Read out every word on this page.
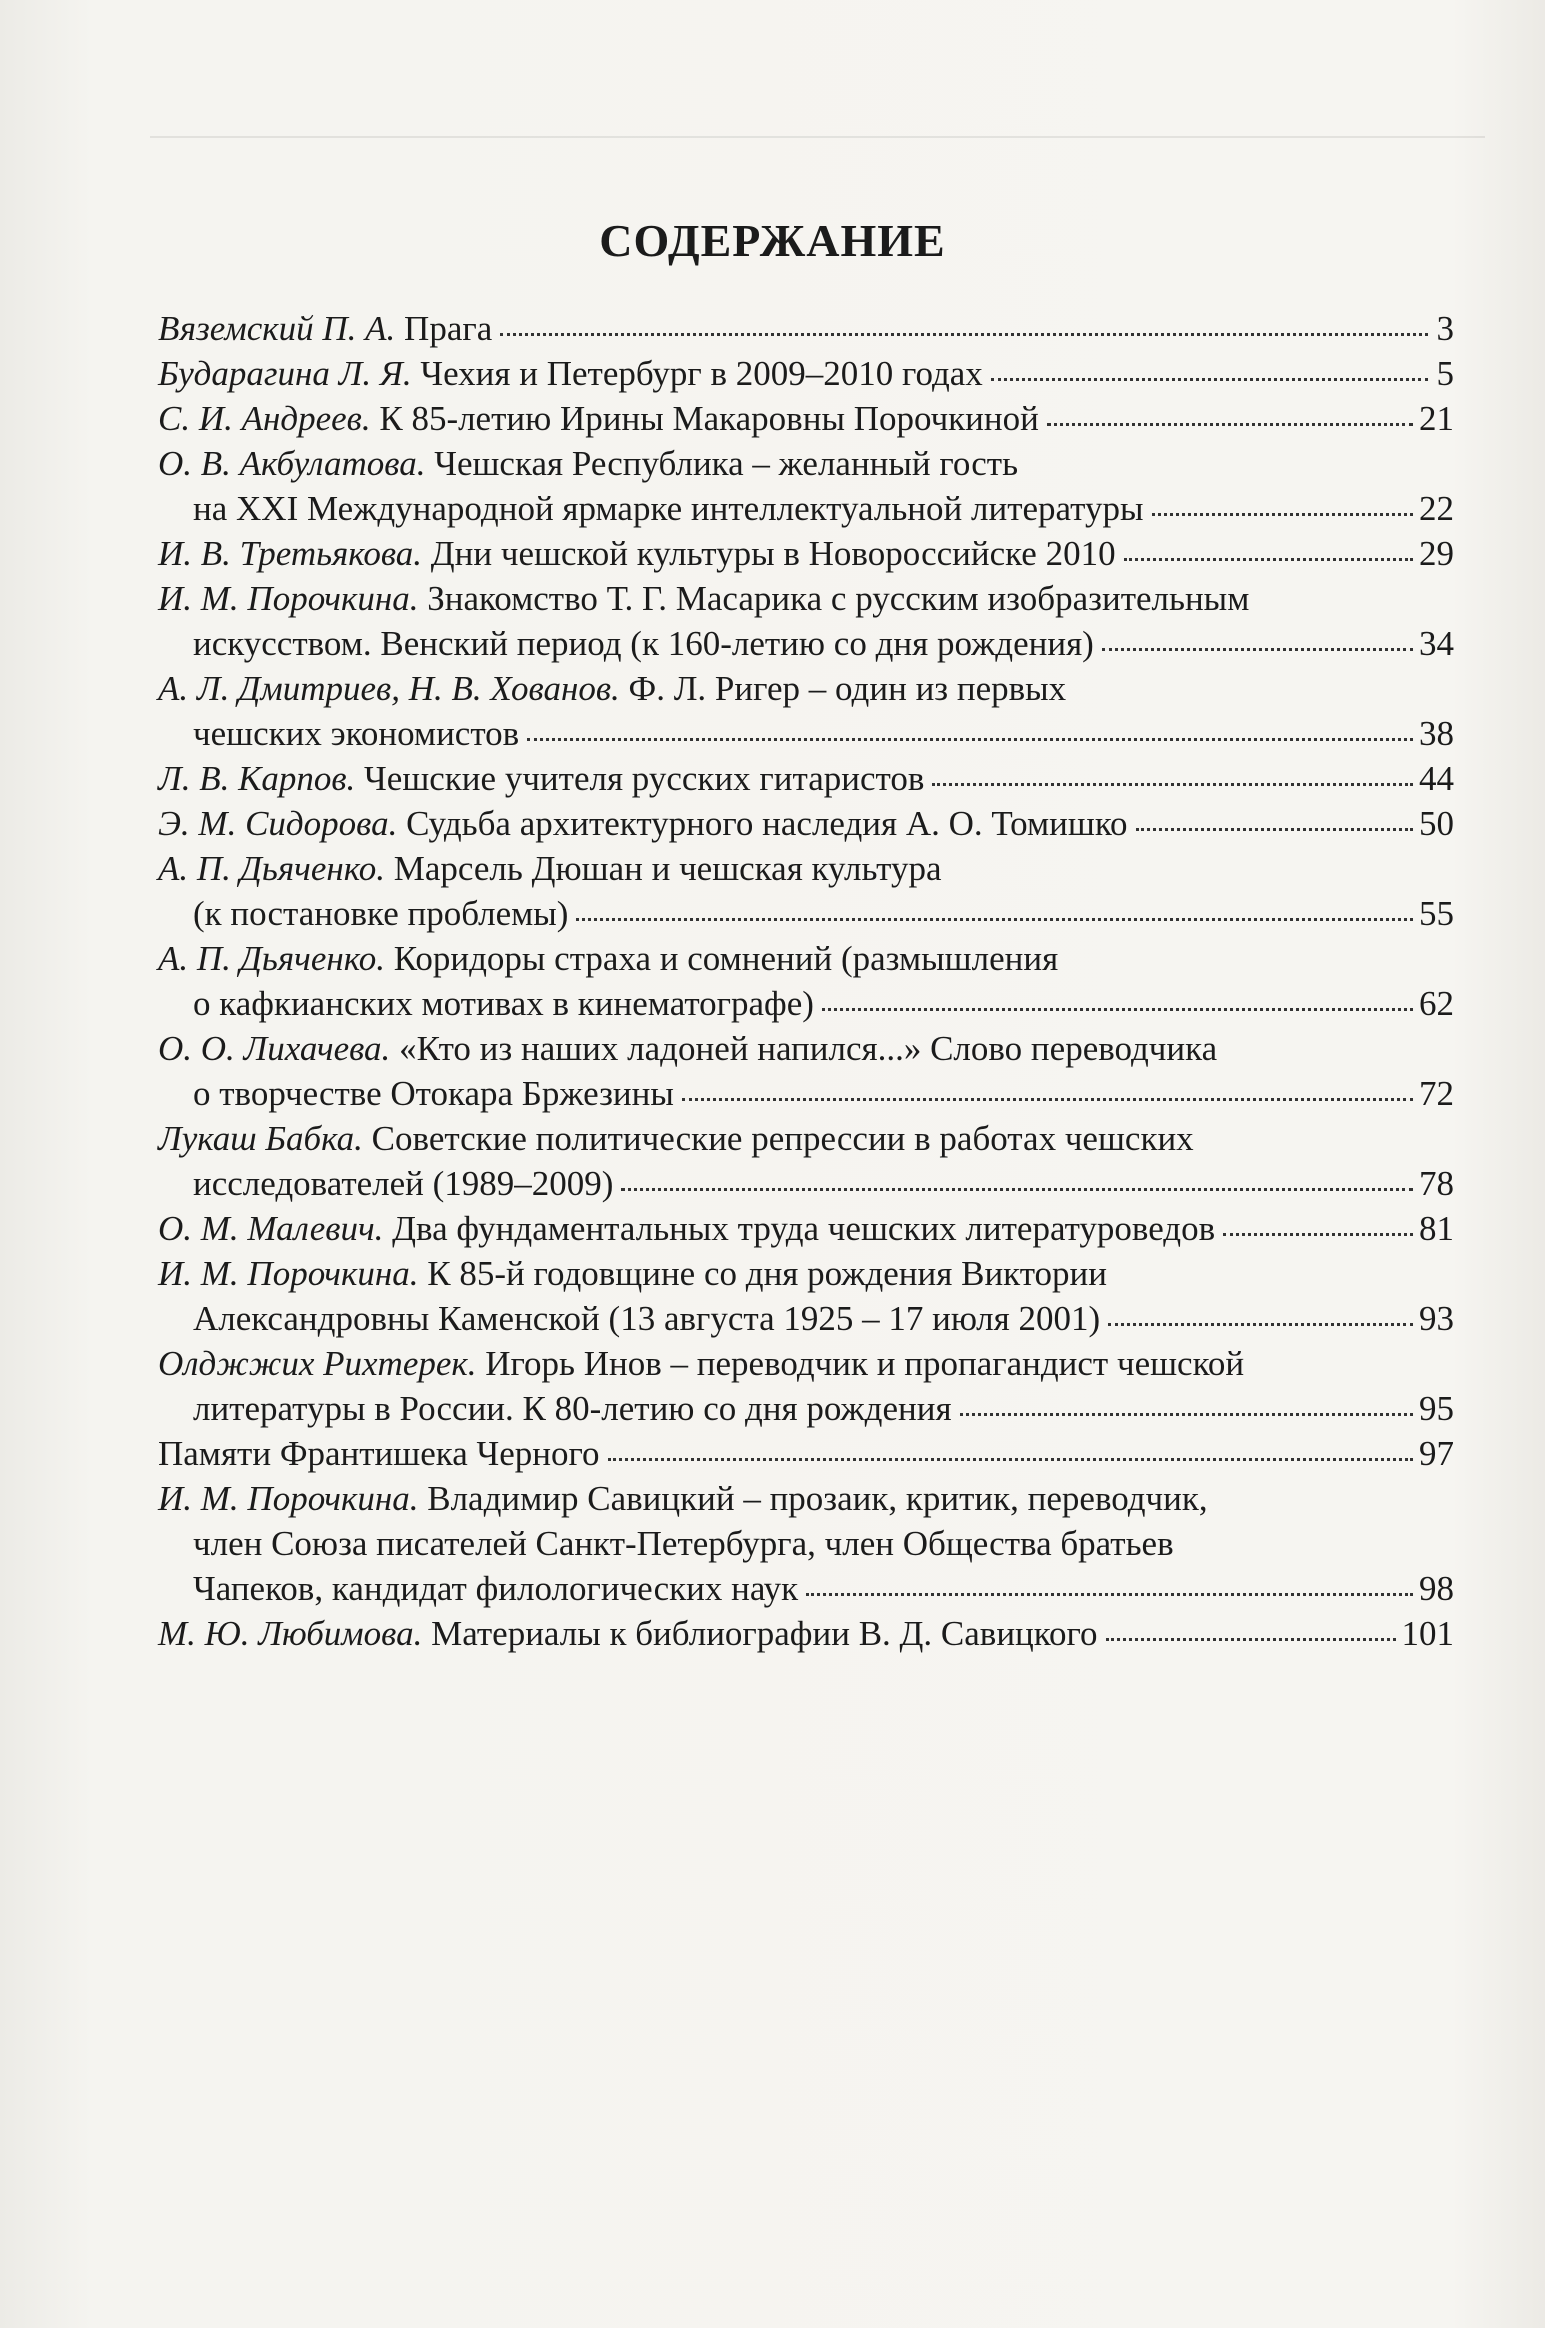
СОДЕРЖАНИЕ
Вяземский П. А. Прага	3
Бударагина Л. Я. Чехия и Петербург в 2009–2010 годах	5
С. И. Андреев. К 85-летию Ирины Макаровны Порочкиной	21
О. В. Акбулатова. Чешская Республика – желанный гость
на XXI Международной ярмарке интеллектуальной литературы	22
И. В. Третьякова. Дни чешской культуры в Новороссийске 2010	29
И. М. Порочкина. Знакомство Т. Г. Масарика с русским изобразительным
искусством. Венский период (к 160-летию со дня рождения)	34
А. Л. Дмитриев, Н. В. Хованов. Ф. Л. Ригер – один из первых
чешских экономистов	38
Л. В. Карпов. Чешские учителя русских гитаристов	44
Э. М. Сидорова. Судьба архитектурного наследия А. О. Томишко	50
А. П. Дьяченко. Марсель Дюшан и чешская культура
(к постановке проблемы)	55
А. П. Дьяченко. Коридоры страха и сомнений (размышления
о кафкианских мотивах в кинематографе)	62
О. О. Лихачева. «Кто из наших ладоней напился...» Слово переводчика
о творчестве Отокара Бржезины	72
Лукаш Бабка. Советские политические репрессии в работах чешских
исследователей (1989–2009)	78
О. М. Малевич. Два фундаментальных труда чешских литературоведов	81
И. М. Порочкина. К 85-й годовщине со дня рождения Виктории
Александровны Каменской (13 августа 1925 – 17 июля 2001)	93
Олджжих Рихтерек. Игорь Инов – переводчик и пропагандист чешской
литературы в России. К 80-летию со дня рождения	95
Памяти Франтишека Черного	97
И. М. Порочкина. Владимир Савицкий – прозаик, критик, переводчик,
член Союза писателей Санкт-Петербурга, член Общества братьев
Чапеков, кандидат филологических наук	98
М. Ю. Любимова. Материалы к библиографии В. Д. Савицкого	101
